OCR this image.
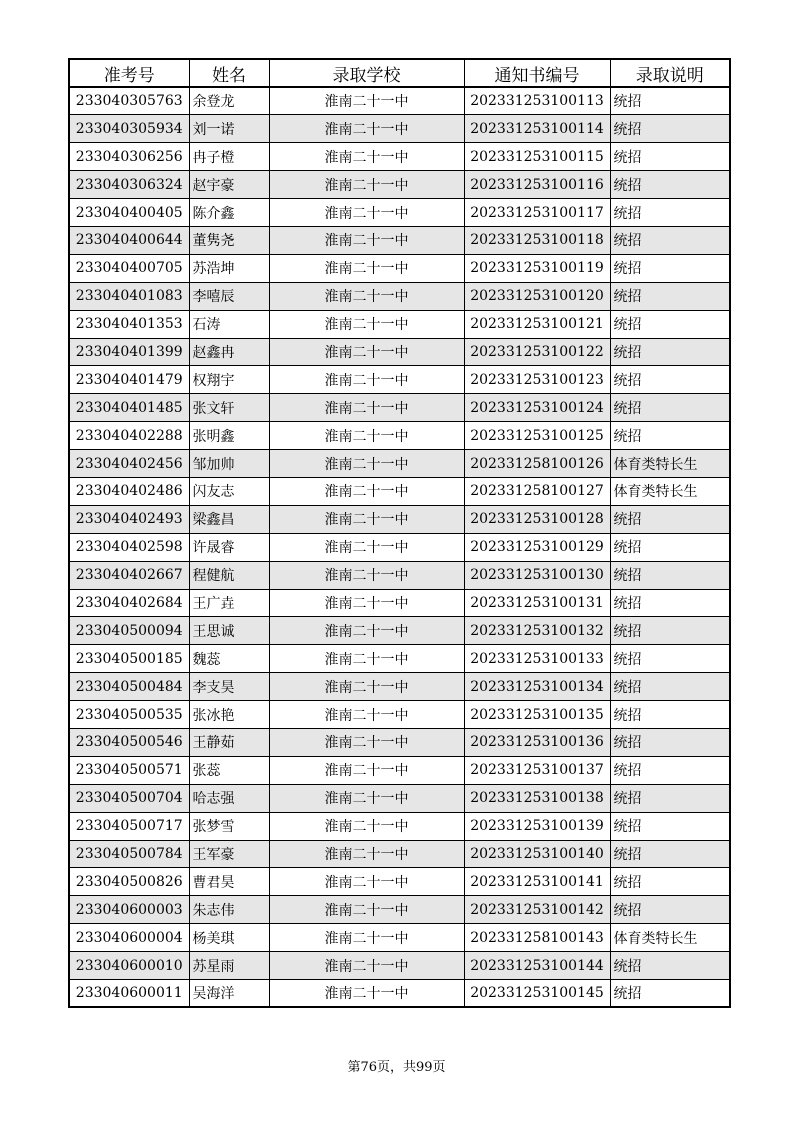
准考号	姓名	录取学校	通知书编号	录取说明
233040305763	余登龙	淮南二十一中	202331253100113	统招
233040305934	刘一诺	淮南二十一中	202331253100114	统招
233040306256	冉子橙	淮南二十一中	202331253100115	统招
233040306324	赵宇豪	淮南二十一中	202331253100116	统招
233040400405	陈介鑫	淮南二十一中	202331253100117	统招
233040400644	董隽尧	淮南二十一中	202331253100118	统招
233040400705	苏浩坤	淮南二十一中	202331253100119	统招
233040401083	李嘻辰	淮南二十一中	202331253100120	统招
233040401353	石涛	淮南二十一中	202331253100121	统招
233040401399	赵鑫冉	淮南二十一中	202331253100122	统招
233040401479	权翔宇	淮南二十一中	202331253100123	统招
233040401485	张文轩	淮南二十一中	202331253100124	统招
233040402288	张明鑫	淮南二十一中	202331253100125	统招
233040402456	邹加帅	淮南二十一中	202331258100126	体育类特长生
233040402486	闪友志	淮南二十一中	202331258100127	体育类特长生
233040402493	梁鑫昌	淮南二十一中	202331253100128	统招
233040402598	许晟睿	淮南二十一中	202331253100129	统招
233040402667	程健航	淮南二十一中	202331253100130	统招
233040402684	王广垚	淮南二十一中	202331253100131	统招
233040500094	王思诚	淮南二十一中	202331253100132	统招
233040500185	魏蕊	淮南二十一中	202331253100133	统招
233040500484	李支昊	淮南二十一中	202331253100134	统招
233040500535	张冰艳	淮南二十一中	202331253100135	统招
233040500546	王静茹	淮南二十一中	202331253100136	统招
233040500571	张蕊	淮南二十一中	202331253100137	统招
233040500704	哈志强	淮南二十一中	202331253100138	统招
233040500717	张梦雪	淮南二十一中	202331253100139	统招
233040500784	王军豪	淮南二十一中	202331253100140	统招
233040500826	曹君昊	淮南二十一中	202331253100141	统招
233040600003	朱志伟	淮南二十一中	202331253100142	统招
233040600004	杨美琪	淮南二十一中	202331258100143	体育类特长生
233040600010	苏星雨	淮南二十一中	202331253100144	统招
233040600011	吴海洋	淮南二十一中	202331253100145	统招
第76页，共99页
